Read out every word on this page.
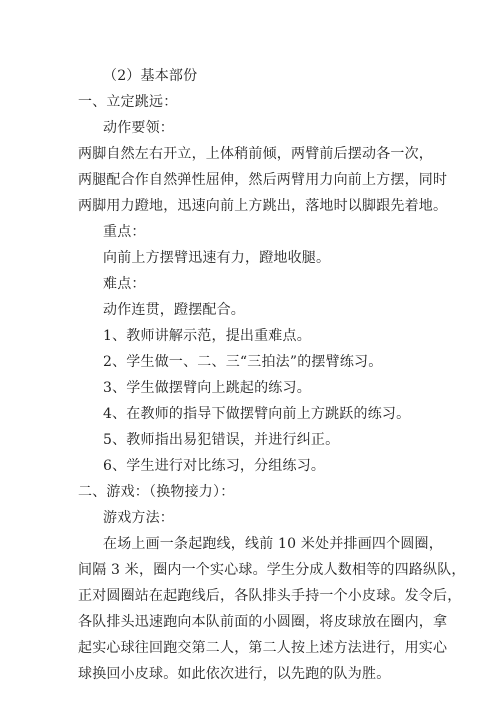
（2）基本部份
一、立定跳远：
动作要领：
两脚自然左右开立，上体稍前倾，两臂前后摆动各一次，
两腿配合作自然弹性屈伸，然后两臂用力向前上方摆，同时
两脚用力蹬地，迅速向前上方跳出，落地时以脚跟先着地。
重点：
向前上方摆臂迅速有力，蹬地收腿。
难点：
动作连贯，蹬摆配合。
1、教师讲解示范，提出重难点。
2、学生做一、二、三“三拍法”的摆臂练习。
3、学生做摆臂向上跳起的练习。
4、在教师的指导下做摆臂向前上方跳跃的练习。
5、教师指出易犯错误，并进行纠正。
6、学生进行对比练习，分组练习。
二、游戏：（换物接力）：
游戏方法：
在场上画一条起跑线，线前 10 米处并排画四个圆圈，
间隔 3 米，圈内一个实心球。学生分成人数相等的四路纵队，
正对圆圈站在起跑线后，各队排头手持一个小皮球。发令后，
各队排头迅速跑向本队前面的小圆圈，将皮球放在圈内，拿
起实心球往回跑交第二人，第二人按上述方法进行，用实心
球换回小皮球。如此依次进行，以先跑的队为胜。
